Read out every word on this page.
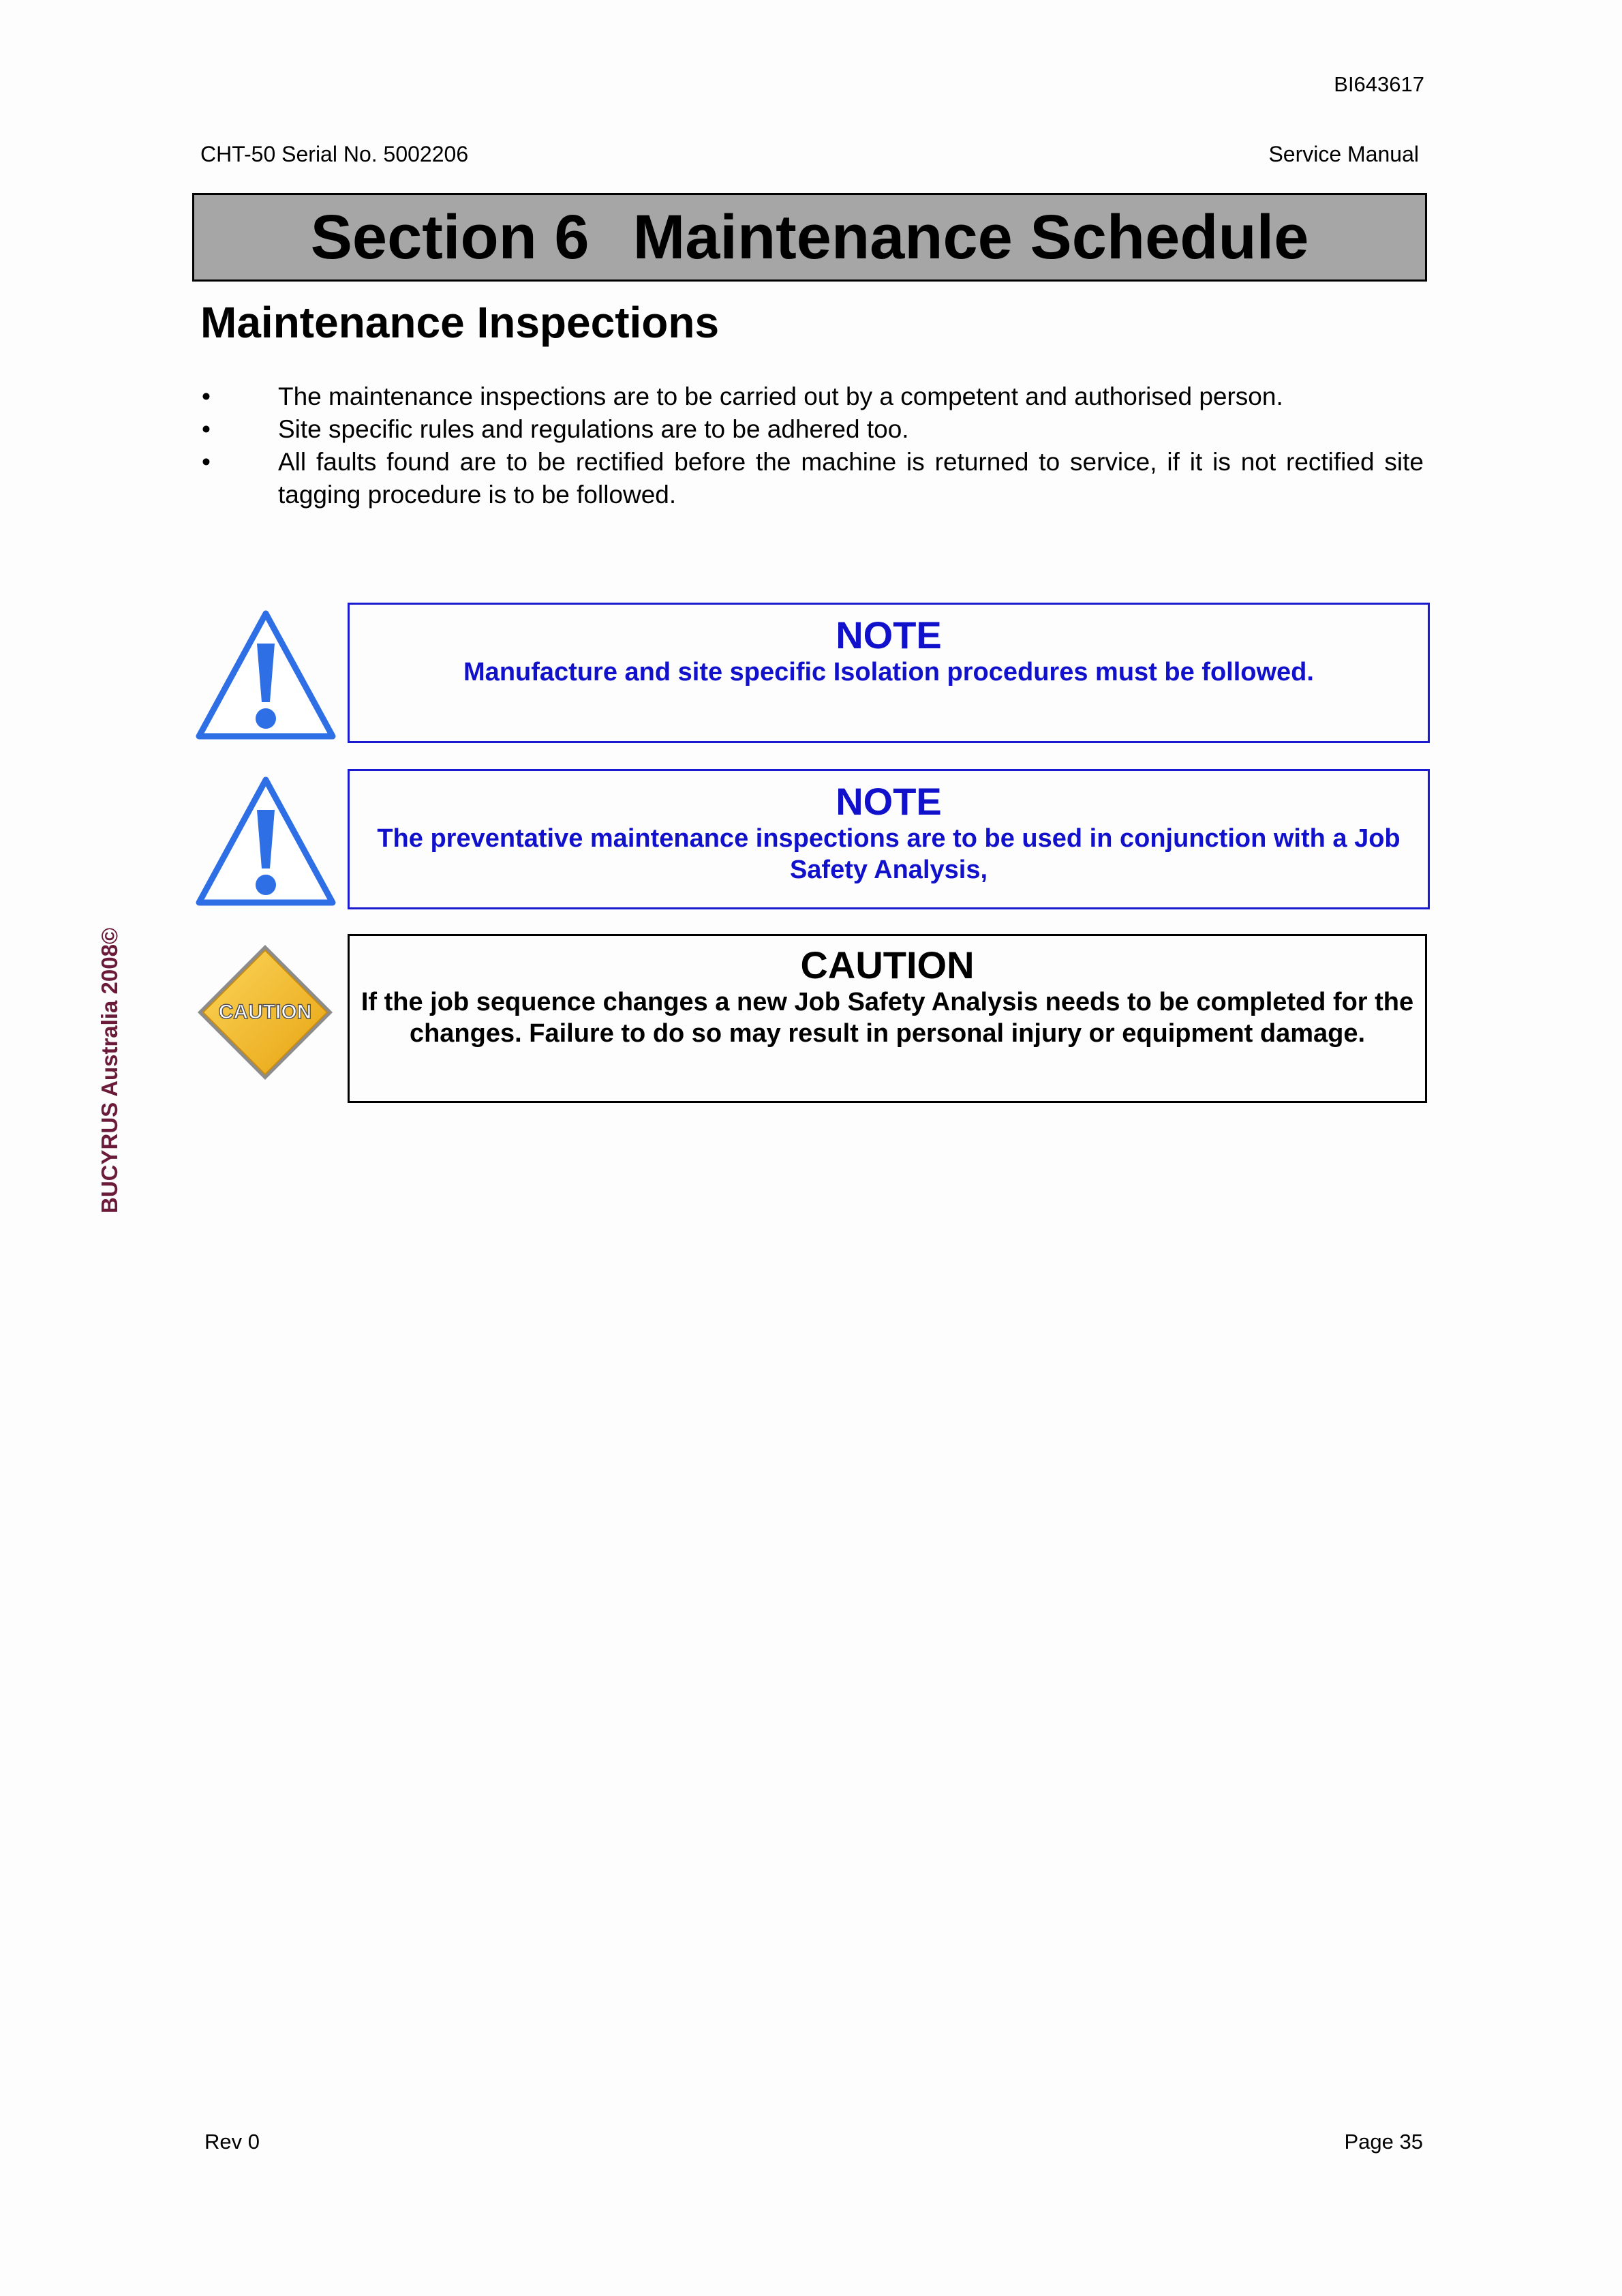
BI643617
CHT-50 Serial No. 5002206	Service Manual
Section 6 Maintenance Schedule
Maintenance Inspections
•	The maintenance inspections are to be carried out by a competent and authorised person.
•	Site specific rules and regulations are to be adhered too.
•	All faults found are to be rectified before the machine is returned to service, if it is not rectified site tagging procedure is to be followed.
NOTE
Manufacture and site specific Isolation procedures must be followed.
NOTE
The preventative maintenance inspections are to be used in conjunction with a Job Safety Analysis,
CAUTION
CAUTION
If the job sequence changes a new Job Safety Analysis needs to be completed for the changes. Failure to do so may result in personal injury or equipment damage.
BUCYRUS Australia 2008©
Rev 0	Page 35
